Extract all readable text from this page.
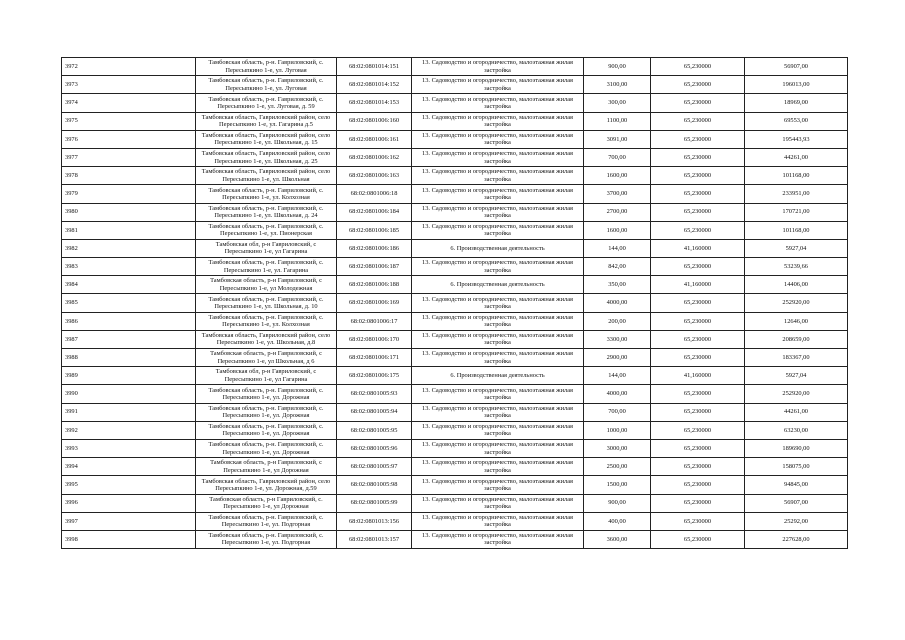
3972	Тамбовская область, р-н. Гавриловский, с. Пересыпкино 1-е, ул. Луговая	68:02:0801014:151	13. Садоводство и огородничество, малоэтажная жилая застройка	900,00	65,230000	56907,00
3973	Тамбовская область, р-н. Гавриловский, с. Пересыпкино 1-е, ул. Луговая	68:02:0801014:152	13. Садоводство и огородничество, малоэтажная жилая застройка	3100,00	65,230000	196013,00
3974	Тамбовская область, р-н. Гавриловский, с. Пересыпкино 1-е, ул. Луговая, д. 59	68:02:0801014:153	13. Садоводство и огородничество, малоэтажная жилая застройка	300,00	65,230000	18969,00
3975	Тамбовская область, Гавриловский район, село Пересыпкино 1-е, ул. Гагарина д.5	68:02:0801006:160	13. Садоводство и огородничество, малоэтажная жилая застройка	1100,00	65,230000	69553,00
3976	Тамбовская область, Гавриловский район, село Пересыпкино 1-е, ул. Школьная, д. 15	68:02:0801006:161	13. Садоводство и огородничество, малоэтажная жилая застройка	3091,00	65,230000	195443,93
3977	Тамбовская область, Гавриловский район, село Пересыпкино 1-е, ул. Школьная, д. 25	68:02:0801006:162	13. Садоводство и огородничество, малоэтажная жилая застройка	700,00	65,230000	44261,00
3978	Тамбовская область, Гавриловский район, село Пересыпкино 1-е, ул. Школьная	68:02:0801006:163	13. Садоводство и огородничество, малоэтажная жилая застройка	1600,00	65,230000	101168,00
3979	Тамбовская область, р-н. Гавриловский, с. Пересыпкино 1-е, ул. Колхозная	68:02:0801006:18	13. Садоводство и огородничество, малоэтажная жилая застройка	3700,00	65,230000	233951,00
3980	Тамбовская область, р-н. Гавриловский, с. Пересыпкино 1-е, ул. Школьная, д. 24	68:02:0801006:184	13. Садоводство и огородничество, малоэтажная жилая застройка	2700,00	65,230000	170721,00
3981	Тамбовская область, р-н. Гавриловский, с. Пересыпкино 1-е, ул. Пионерская	68:02:0801006:185	13. Садоводство и огородничество, малоэтажная жилая застройка	1600,00	65,230000	101168,00
3982	Тамбовская обл, р-н Гавриловский, с Пересыпкино 1-е, ул Гагарина	68:02:0801006:186	6. Производственная деятельность	144,00	41,160000	5927,04
3983	Тамбовская область, р-н. Гавриловский, с. Пересыпкино 1-е, ул. Гагарина	68:02:0801006:187	13. Садоводство и огородничество, малоэтажная жилая застройка	842,00	65,230000	53239,66
3984	Тамбовская область, р-н Гавриловский, с Пересыпкино 1-е, ул Молодежная	68:02:0801006:188	6. Производственная деятельность	350,00	41,160000	14406,00
3985	Тамбовская область, р-н. Гавриловский, с. Пересыпкино 1-е, ул. Школьная, д. 10	68:02:0801006:169	13. Садоводство и огородничество, малоэтажная жилая застройка	4000,00	65,230000	252920,00
3986	Тамбовская область, р-н. Гавриловский, с. Пересыпкино 1-е, ул. Колхозная	68:02:0801006:17	13. Садоводство и огородничество, малоэтажная жилая застройка	200,00	65,230000	12646,00
3987	Тамбовская область, Гавриловский район, село Пересыпкино 1-е, ул. Школьная, д.8	68:02:0801006:170	13. Садоводство и огородничество, малоэтажная жилая застройка	3300,00	65,230000	208659,00
3988	Тамбовская область, р-н Гавриловский, с Пересыпкино 1-е, ул Школьная, д 6	68:02:0801006:171	13. Садоводство и огородничество, малоэтажная жилая застройка	2900,00	65,230000	183367,00
3989	Тамбовская обл, р-н Гавриловский, с Пересыпкино 1-е, ул Гагарина	68:02:0801006:175	6. Производственная деятельность	144,00	41,160000	5927,04
3990	Тамбовская область, р-н. Гавриловский, с. Пересыпкино 1-е, ул. Дорожная	68:02:0801005:93	13. Садоводство и огородничество, малоэтажная жилая застройка	4000,00	65,230000	252920,00
3991	Тамбовская область, р-н. Гавриловский, с. Пересыпкино 1-е, ул. Дорожная	68:02:0801005:94	13. Садоводство и огородничество, малоэтажная жилая застройка	700,00	65,230000	44261,00
3992	Тамбовская область, р-н. Гавриловский, с. Пересыпкино 1-е, ул. Дорожная	68:02:0801005:95	13. Садоводство и огородничество, малоэтажная жилая застройка	1000,00	65,230000	63230,00
3993	Тамбовская область, р-н. Гавриловский, с. Пересыпкино 1-е, ул. Дорожная	68:02:0801005:96	13. Садоводство и огородничество, малоэтажная жилая застройка	3000,00	65,230000	189690,00
3994	Тамбовская область, р-н Гавриловский, с Пересыпкино 1-е, ул Дорожная	68:02:0801005:97	13. Садоводство и огородничество, малоэтажная жилая застройка	2500,00	65,230000	158075,00
3995	Тамбовская область, Гавриловский район, село Пересыпкино 1-е, ул. Дорожная, д.59	68:02:0801005:98	13. Садоводство и огородничество, малоэтажная жилая застройка	1500,00	65,230000	94845,00
3996	Тамбовская область, р-н Гавриловский, с. Пересыпкино 1-е, ул Дорожная	68:02:0801005:99	13. Садоводство и огородничество, малоэтажная жилая застройка	900,00	65,230000	56907,00
3997	Тамбовская область, р-н. Гавриловский, с. Пересыпкино 1-е, ул. Подгорная	68:02:0801013:156	13. Садоводство и огородничество, малоэтажная жилая застройка	400,00	65,230000	25292,00
3998	Тамбовская область, р-н. Гавриловский, с. Пересыпкино 1-е, ул. Подгорная	68:02:0801013:157	13. Садоводство и огородничество, малоэтажная жилая застройка	3600,00	65,230000	227628,00
